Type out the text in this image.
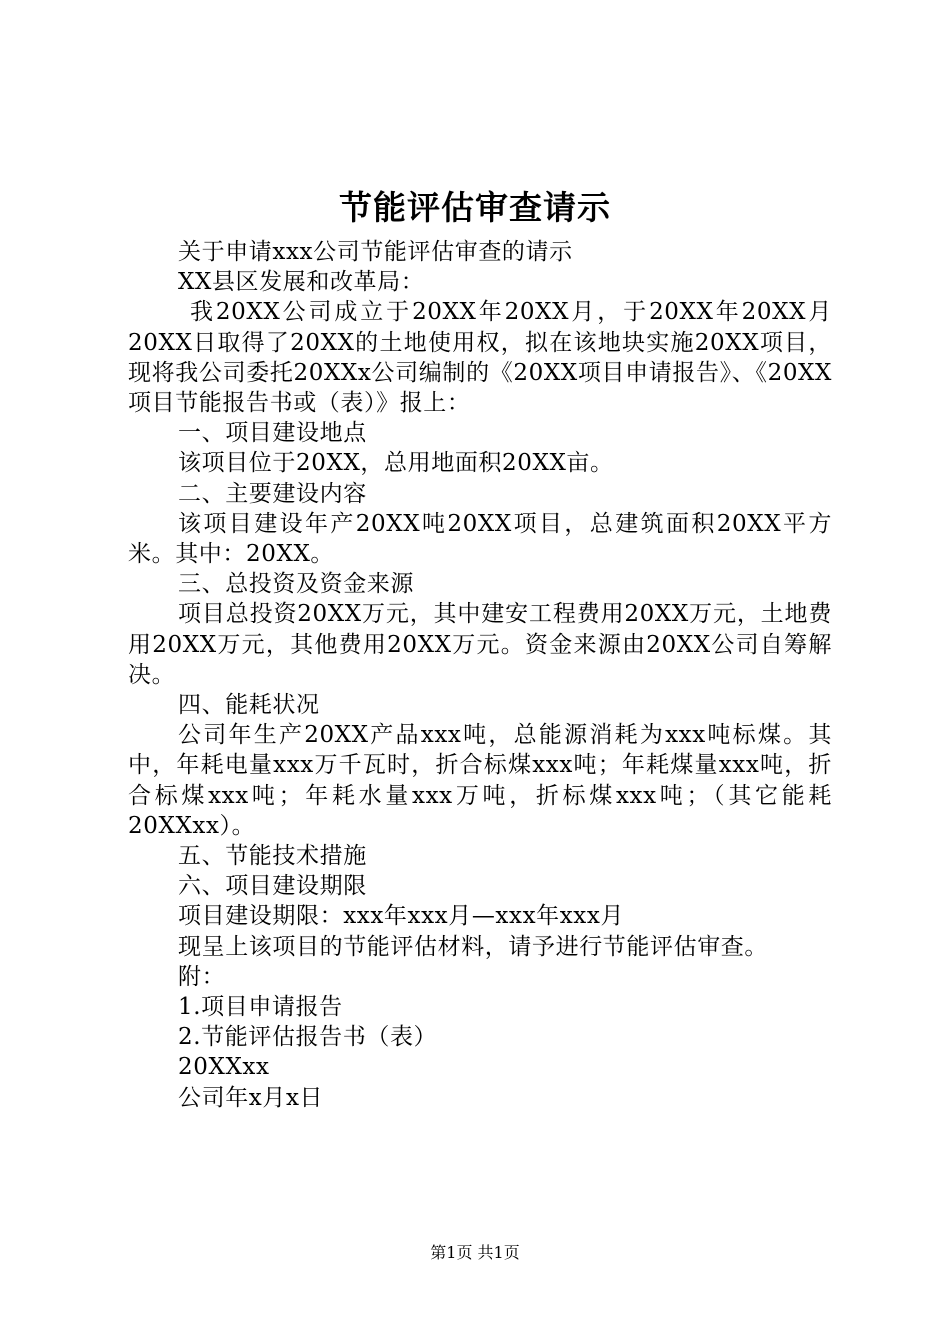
节能评估审查请示

关于申请xxx公司节能评估审查的请示

XX县区发展和改革局：

我20XX公司成立于20XX年20XX月，于20XX年20XX月20XX日取得了20XX的土地使用权，拟在该地块实施20XX项目，现将我公司委托20XXx公司编制的《20XX项目申请报告》、《20XX项目节能报告书或（表）》报上：

一、项目建设地点

该项目位于20XX，总用地面积20XX亩。

二、主要建设内容

该项目建设年产20XX吨20XX项目，总建筑面积20XX平方米。其中：20XX。

三、总投资及资金来源

项目总投资20XX万元，其中建安工程费用20XX万元，土地费用20XX万元，其他费用20XX万元。资金来源由20XX公司自筹解决。

四、能耗状况

公司年生产20XX产品xxx吨，总能源消耗为xxx吨标煤。其中，年耗电量xxx万千瓦时，折合标煤xxx吨；年耗煤量xxx吨，折合标煤xxx吨；年耗水量xxx万吨，折标煤xxx吨；（其它能耗20XXxx）。

五、节能技术措施

六、项目建设期限

项目建设期限：xxx年xxx月—xxx年xxx月

现呈上该项目的节能评估材料，请予进行节能评估审查。

附：

1.项目申请报告

2.节能评估报告书（表）

20XXxx

公司年x月x日

第1页 共1页
